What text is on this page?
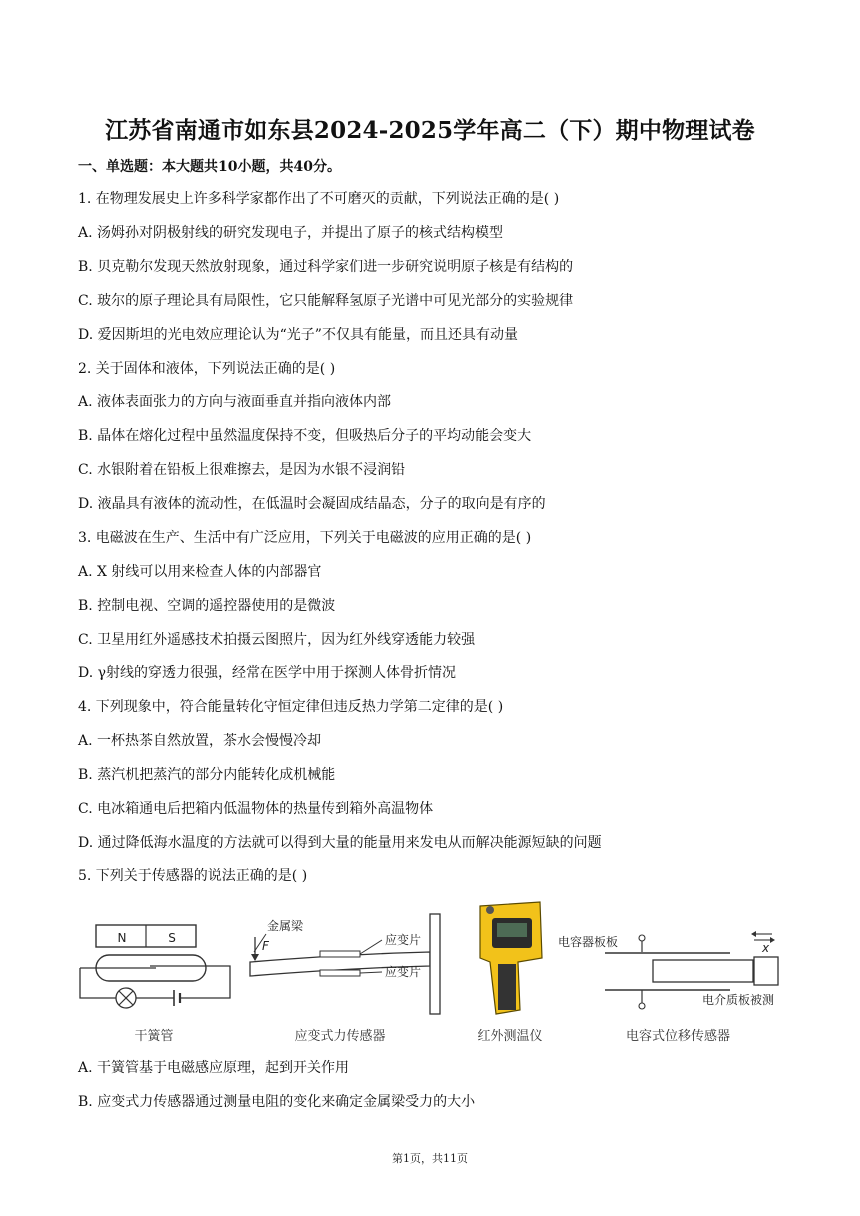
江苏省南通市如东县2024-2025学年高二（下）期中物理试卷
一、单选题：本大题共10小题，共40分。
1. 在物理发展史上许多科学家都作出了不可磨灭的贡献，下列说法正确的是( )
A. 汤姆孙对阴极射线的研究发现电子，并提出了原子的核式结构模型
B. 贝克勒尔发现天然放射现象，通过科学家们进一步研究说明原子核是有结构的
C. 玻尔的原子理论具有局限性，它只能解释氢原子光谱中可见光部分的实验规律
D. 爱因斯坦的光电效应理论认为“光子”不仅具有能量，而且还具有动量
2. 关于固体和液体，下列说法正确的是( )
A. 液体表面张力的方向与液面垂直并指向液体内部
B. 晶体在熔化过程中虽然温度保持不变，但吸热后分子的平均动能会变大
C. 水银附着在铅板上很难擦去，是因为水银不浸润铅
D. 液晶具有液体的流动性，在低温时会凝固成结晶态，分子的取向是有序的
3. 电磁波在生产、生活中有广泛应用，下列关于电磁波的应用正确的是( )
A. X 射线可以用来检查人体的内部器官
B. 控制电视、空调的遥控器使用的是微波
C. 卫星用红外遥感技术拍摄云图照片，因为红外线穿透能力较强
D. γ射线的穿透力很强，经常在医学中用于探测人体骨折情况
4. 下列现象中，符合能量转化守恒定律但违反热力学第二定律的是( )
A. 一杯热茶自然放置，茶水会慢慢冷却
B. 蒸汽机把蒸汽的部分内能转化成机械能
C. 电冰箱通电后把箱内低温物体的热量传到箱外高温物体
D. 通过降低海水温度的方法就可以得到大量的能量用来发电从而解决能源短缺的问题
5. 下列关于传感器的说法正确的是( )
N	S
干簧管
金属梁
F	应变片
应变片
应变式力传感器	红外测温仪
电容器板板
电介质板 被测
x
电容式位移传感器
A. 干簧管基于电磁感应原理，起到开关作用
B. 应变式力传感器通过测量电阻的变化来确定金属梁受力的大小
第1页，共11页
